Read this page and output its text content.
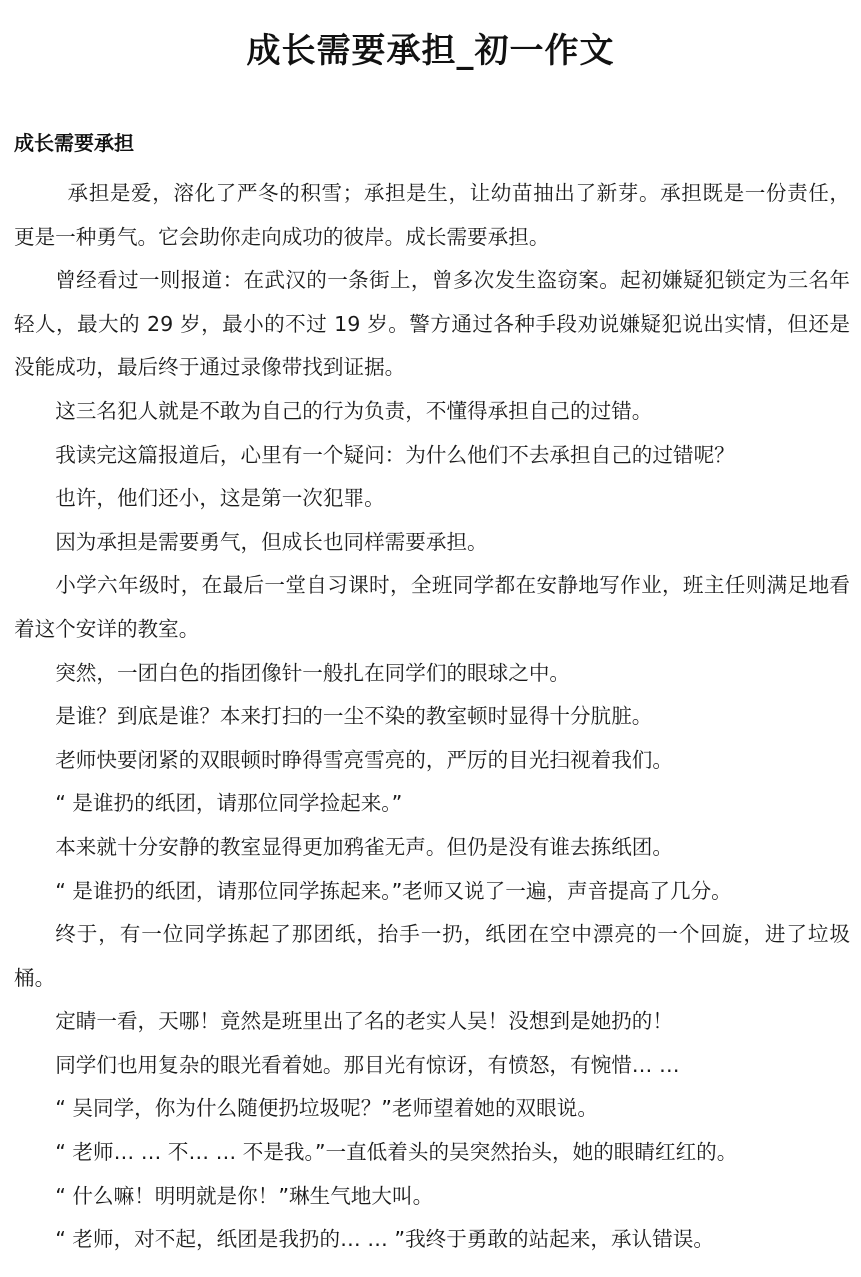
成长需要承担_初一作文
成长需要承担

承担是爱，溶化了严冬的积雪；承担是生，让幼苗抽出了新芽。承担既是一份责任，更是一种勇气。它会助你走向成功的彼岸。成长需要承担。

曾经看过一则报道：在武汉的一条街上，曾多次发生盗窃案。起初嫌疑犯锁定为三名年轻人，最大的 29 岁，最小的不过 19 岁。警方通过各种手段劝说嫌疑犯说出实情，但还是没能成功，最后终于通过录像带找到证据。

这三名犯人就是不敢为自己的行为负责，不懂得承担自己的过错。

我读完这篇报道后，心里有一个疑问：为什么他们不去承担自己的过错呢？

也许，他们还小，这是第一次犯罪。

因为承担是需要勇气，但成长也同样需要承担。

小学六年级时，在最后一堂自习课时，全班同学都在安静地写作业，班主任则满足地看着这个安详的教室。

突然，一团白色的指团像针一般扎在同学们的眼球之中。

是谁？到底是谁？本来打扫的一尘不染的教室顿时显得十分肮脏。

老师快要闭紧的双眼顿时睁得雪亮雪亮的，严厉的目光扫视着我们。

“ 是谁扔的纸团，请那位同学捡起来。”

本来就十分安静的教室显得更加鸦雀无声。但仍是没有谁去拣纸团。

“ 是谁扔的纸团，请那位同学拣起来。”老师又说了一遍，声音提高了几分。

终于，有一位同学拣起了那团纸，抬手一扔，纸团在空中漂亮的一个回旋，进了垃圾桶。

定睛一看，天哪！竟然是班里出了名的老实人吴！没想到是她扔的！

同学们也用复杂的眼光看着她。那目光有惊讶，有愤怒，有惋惜… …

“ 吴同学，你为什么随便扔垃圾呢？”老师望着她的双眼说。

“ 老师… … 不… … 不是我。”一直低着头的吴突然抬头，她的眼睛红红的。

“ 什么嘛！明明就是你！”琳生气地大叫。

“ 老师，对不起，纸团是我扔的… … ”我终于勇敢的站起来，承认错误。
